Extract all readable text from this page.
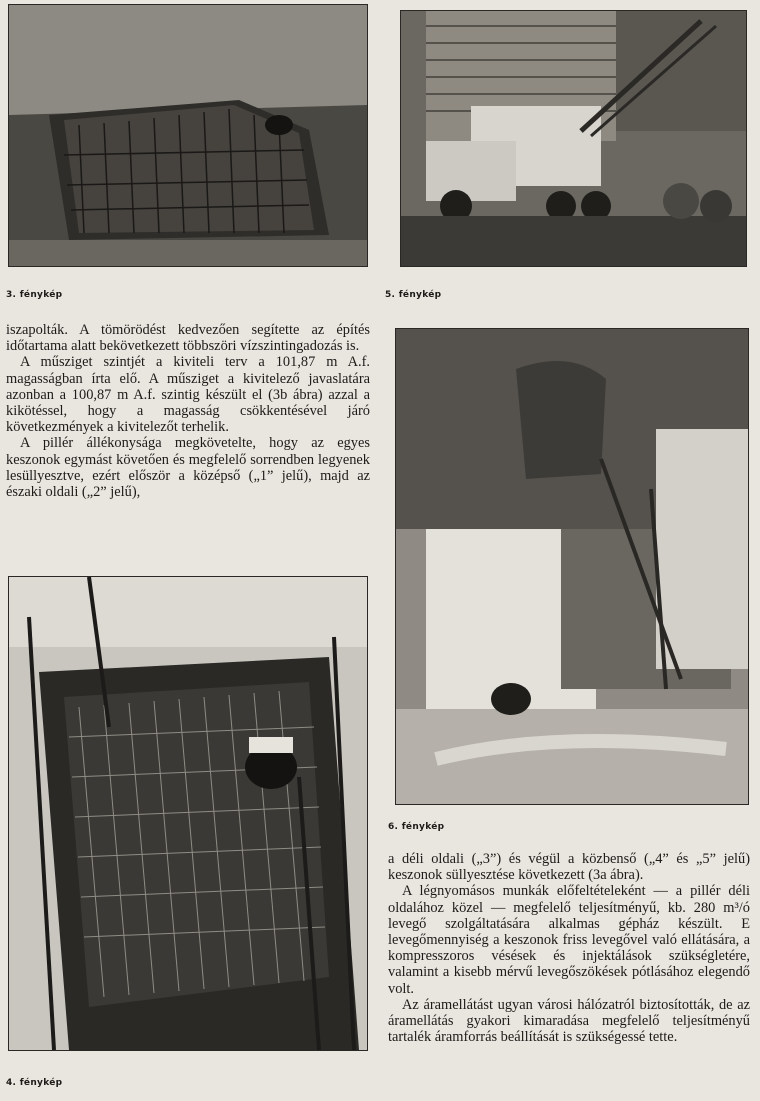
3. fénykép	5. fénykép

iszapolták. A tömörödést kedvezően segítette az építés időtartama alatt bekövetkezett többszöri vízszintingadozás is.

A műsziget szintjét a kiviteli terv a 101,87 m A.f. magasságban írta elő. A műsziget a kivitelező javaslatára azonban a 100,87 m A.f. szintig készült el (3b ábra) azzal a kikötéssel, hogy a magasság csökkentésével járó következmények a kivitelezőt terhelik.

A pillér állékonysága megkövetelte, hogy az egyes keszonok egymást követően és megfelelő sorrendben legyenek lesüllyesztve, ezért először a középső („1” jelű), majd az északi oldali („2” jelű),

4. fénykép
6. fénykép

a déli oldali („3”) és végül a közbenső („4” és „5” jelű) keszonok süllyesztése következett (3a ábra).

A légnyomásos munkák előfeltételeként — a pillér déli oldalához közel — megfelelő teljesítményű, kb. 280 m³/ó levegő szolgáltatására alkalmas gépház készült. E levegőmennyiség a keszonok friss levegővel való ellátására, a kompresszoros vésések és injektálások szükségletére, valamint a kisebb mérvű levegőszökések pótlásához elegendő volt.

Az áramellátást ugyan városi hálózatról biztosították, de az áramellátás gyakori kimaradása megfelelő teljesítményű tartalék áramforrás beállítását is szükségessé tette.
